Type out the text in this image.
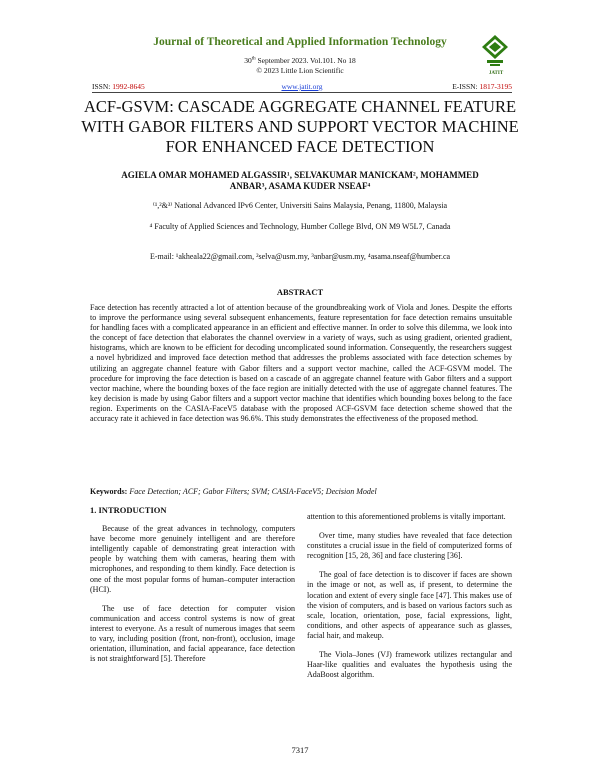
Journal of Theoretical and Applied Information Technology
30th September 2023. Vol.101. No 18
© 2023 Little Lion Scientific	JATIT
ISSN: 1992-8645	www.jatit.org	E-ISSN: 1817-3195
ACF-GSVM: CASCADE AGGREGATE CHANNEL FEATURE
WITH GABOR FILTERS AND SUPPORT VECTOR MACHINE
FOR ENHANCED FACE DETECTION
AGIELA OMAR MOHAMED ALGASSIR¹, SELVAKUMAR MANICKAM², MOHAMMED
ANBAR³, ASAMA KUDER NSEAF⁴
⁽¹,²&³⁾ National Advanced IPv6 Center, Universiti Sains Malaysia, Penang, 11800, Malaysia
⁴ Faculty of Applied Sciences and Technology, Humber College Blvd, ON M9 W5L7, Canada
E-mail: ¹akheala22@gmail.com, ²selva@usm.my, ³anbar@usm.my, ⁴asama.nseaf@humber.ca
ABSTRACT
Face detection has recently attracted a lot of attention because of the groundbreaking work of Viola and Jones. Despite the efforts to improve the performance using several subsequent enhancements, feature representation for face detection remains unsuitable for handling faces with a complicated appearance in an efficient and effective manner. In order to solve this dilemma, we look into the concept of face detection that elaborates the channel overview in a variety of ways, such as using gradient, oriented gradient, histograms, which are known to be efficient for decoding uncomplicated sound information. Consequently, the researchers suggest a novel hybridized and improved face detection method that addresses the problems associated with face detection schemes by utilizing an aggregate channel feature with Gabor filters and a support vector machine, called the ACF-GSVM model. The procedure for improving the face detection is based on a cascade of an aggregate channel feature with Gabor filters and a support vector machine, where the bounding boxes of the face region are initially detected with the use of aggregate channel features. The key decision is made by using Gabor filters and a support vector machine that identifies which bounding boxes belong to the face region. Experiments on the CASIA-FaceV5 database with the proposed ACF-GSVM face detection scheme showed that the accuracy rate it achieved in face detection was 96.6%. This study demonstrates the effectiveness of the proposed method.
Keywords: Face Detection; ACF; Gabor Filters; SVM; CASIA-FaceV5; Decision Model
1. INTRODUCTION

Because of the great advances in technology, computers have become more genuinely intelligent and are therefore intelligently capable of demonstrating great interaction with people by watching them with cameras, hearing them with microphones, and responding to them kindly. Face detection is one of the most popular forms of human–computer interaction (HCI).

The use of face detection for computer vision communication and access control systems is now of great interest to everyone. As a result of numerous images that seem to vary, including position (front, non-front), occlusion, image orientation, illumination, and facial appearance, face detection is not straightforward [5]. Therefore

attention to this aforementioned problems is vitally important.

Over time, many studies have revealed that face detection constitutes a crucial issue in the field of computerized forms of recognition [15, 28, 36] and face clustering [36].

The goal of face detection is to discover if faces are shown in the image or not, as well as, if present, to determine the location and extent of every single face [47]. This makes use of the vision of computers, and is based on various factors such as scale, location, orientation, pose, facial expressions, light, conditions, and other aspects of appearance such as glasses, facial hair, and makeup.

The Viola–Jones (VJ) framework utilizes rectangular and Haar-like qualities and evaluates the hypothesis using the AdaBoost algorithm.

7317
